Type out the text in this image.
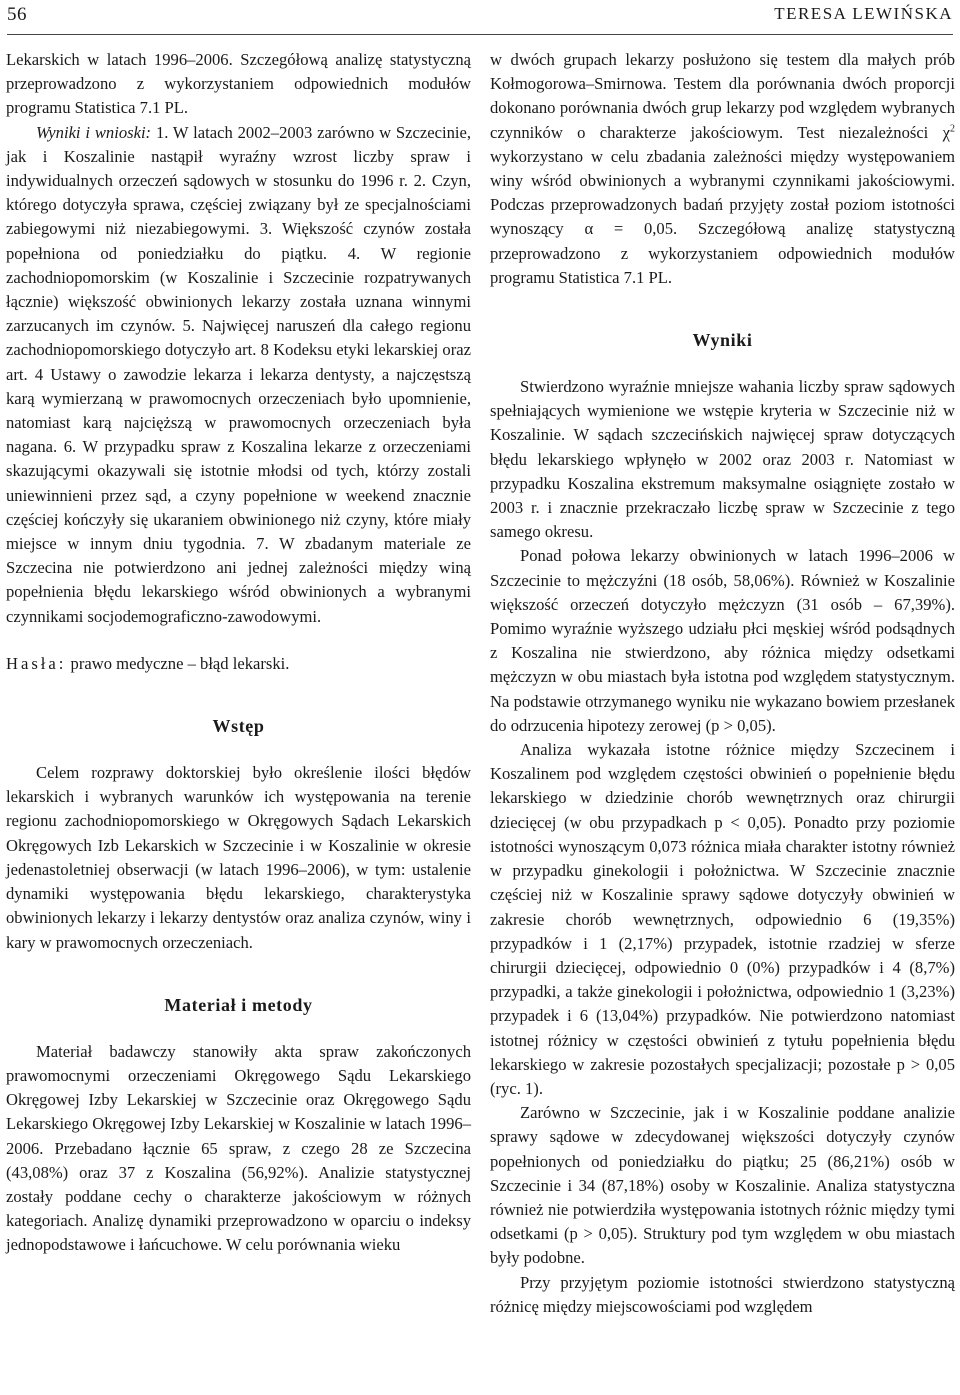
56	TERESA LEWIŃSKA

Lekarskich w latach 1996–2006. Szczegółową analizę statystyczną przeprowadzono z wykorzystaniem odpowiednich modułów programu Statistica 7.1 PL.

Wyniki i wnioski: 1. W latach 2002–2003 zarówno w Szczecinie, jak i Koszalinie nastąpił wyraźny wzrost liczby spraw i indywidualnych orzeczeń sądowych w stosunku do 1996 r. 2. Czyn, którego dotyczyła sprawa, częściej związany był ze specjalnościami zabiegowymi niż niezabiegowymi. 3. Większość czynów została popełniona od poniedziałku do piątku. 4. W regionie zachodniopomorskim (w Koszalinie i Szczecinie rozpatrywanych łącznie) większość obwinionych lekarzy została uznana winnymi zarzucanych im czynów. 5. Najwięcej naruszeń dla całego regionu zachodniopomorskiego dotyczyło art. 8 Kodeksu etyki lekarskiej oraz art. 4 Ustawy o zawodzie lekarza i lekarza dentysty, a najczęstszą karą wymierzaną w prawomocnych orzeczeniach było upomnienie, natomiast karą najcięższą w prawomocnych orzeczeniach była nagana. 6. W przypadku spraw z Koszalina lekarze z orzeczeniami skazującymi okazywali się istotnie młodsi od tych, którzy zostali uniewinnieni przez sąd, a czyny popełnione w weekend znacznie częściej kończyły się ukaraniem obwinionego niż czyny, które miały miejsce w innym dniu tygodnia. 7. W zbadanym materiale ze Szczecina nie potwierdzono ani jednej zależności między winą popełnienia błędu lekarskiego wśród obwinionych a wybranymi czynnikami socjodemograficzno-zawodowymi.

Hasła: prawo medyczne – błąd lekarski.

Wstęp

Celem rozprawy doktorskiej było określenie ilości błędów lekarskich i wybranych warunków ich występowania na terenie regionu zachodniopomorskiego w Okręgowych Sądach Lekarskich Okręgowych Izb Lekarskich w Szczecinie i w Koszalinie w okresie jedenastoletniej obserwacji (w latach 1996–2006), w tym: ustalenie dynamiki występowania błędu lekarskiego, charakterystyka obwinionych lekarzy i lekarzy dentystów oraz analiza czynów, winy i kary w prawomocnych orzeczeniach.

Materiał i metody

Materiał badawczy stanowiły akta spraw zakończonych prawomocnymi orzeczeniami Okręgowego Sądu Lekarskiego Okręgowej Izby Lekarskiej w Szczecinie oraz Okręgowego Sądu Lekarskiego Okręgowej Izby Lekarskiej w Koszalinie w latach 1996–2006. Przebadano łącznie 65 spraw, z czego 28 ze Szczecina (43,08%) oraz 37 z Koszalina (56,92%). Analizie statystycznej zostały poddane cechy o charakterze jakościowym w różnych kategoriach. Analizę dynamiki przeprowadzono w oparciu o indeksy jednopodstawowe i łańcuchowe. W celu porównania wieku

w dwóch grupach lekarzy posłużono się testem dla małych prób Kołmogorowa–Smirnowa. Testem dla porównania dwóch proporcji dokonano porównania dwóch grup lekarzy pod względem wybranych czynników o charakterze jakościowym. Test niezależności $\chi^2$ wykorzystano w celu zbadania zależności między występowaniem winy wśród obwinionych a wybranymi czynnikami jakościowymi. Podczas przeprowadzonych badań przyjęty został poziom istotności wynoszący α = 0,05. Szczegółową analizę statystyczną przeprowadzono z wykorzystaniem odpowiednich modułów programu Statistica 7.1 PL.

Wyniki

Stwierdzono wyraźnie mniejsze wahania liczby spraw sądowych spełniających wymienione we wstępie kryteria w Szczecinie niż w Koszalinie. W sądach szczecińskich najwięcej spraw dotyczących błędu lekarskiego wpłynęło w 2002 oraz 2003 r. Natomiast w przypadku Koszalina ekstremum maksymalne osiągnięte zostało w 2003 r. i znacznie przekraczało liczbę spraw w Szczecinie z tego samego okresu.

Ponad połowa lekarzy obwinionych w latach 1996–2006 w Szczecinie to mężczyźni (18 osób, 58,06%). Również w Koszalinie większość orzeczeń dotyczyło mężczyzn (31 osób – 67,39%). Pomimo wyraźnie wyższego udziału płci męskiej wśród podsądnych z Koszalina nie stwierdzono, aby różnica między odsetkami mężczyzn w obu miastach była istotna pod względem statystycznym. Na podstawie otrzymanego wyniku nie wykazano bowiem przesłanek do odrzucenia hipotezy zerowej (p > 0,05).

Analiza wykazała istotne różnice między Szczecinem i Koszalinem pod względem częstości obwinień o popełnienie błędu lekarskiego w dziedzinie chorób wewnętrznych oraz chirurgii dziecięcej (w obu przypadkach p < 0,05). Ponadto przy poziomie istotności wynoszącym 0,073 różnica miała charakter istotny również w przypadku ginekologii i położnictwa. W Szczecinie znacznie częściej niż w Koszalinie sprawy sądowe dotyczyły obwinień w zakresie chorób wewnętrznych, odpowiednio 6 (19,35%) przypadków i 1 (2,17%) przypadek, istotnie rzadziej w sferze chirurgii dziecięcej, odpowiednio 0 (0%) przypadków i 4 (8,7%) przypadki, a także ginekologii i położnictwa, odpowiednio 1 (3,23%) przypadek i 6 (13,04%) przypadków. Nie potwierdzono natomiast istotnej różnicy w częstości obwinień z tytułu popełnienia błędu lekarskiego w zakresie pozostałych specjalizacji; pozostałe p > 0,05 (ryc. 1).

Zarówno w Szczecinie, jak i w Koszalinie poddane analizie sprawy sądowe w zdecydowanej większości dotyczyły czynów popełnionych od poniedziałku do piątku; 25 (86,21%) osób w Szczecinie i 34 (87,18%) osoby w Koszalinie. Analiza statystyczna również nie potwierdziła występowania istotnych różnic między tymi odsetkami (p > 0,05). Struktury pod tym względem w obu miastach były podobne.

Przy przyjętym poziomie istotności stwierdzono statystyczną różnicę między miejscowościami pod względem
